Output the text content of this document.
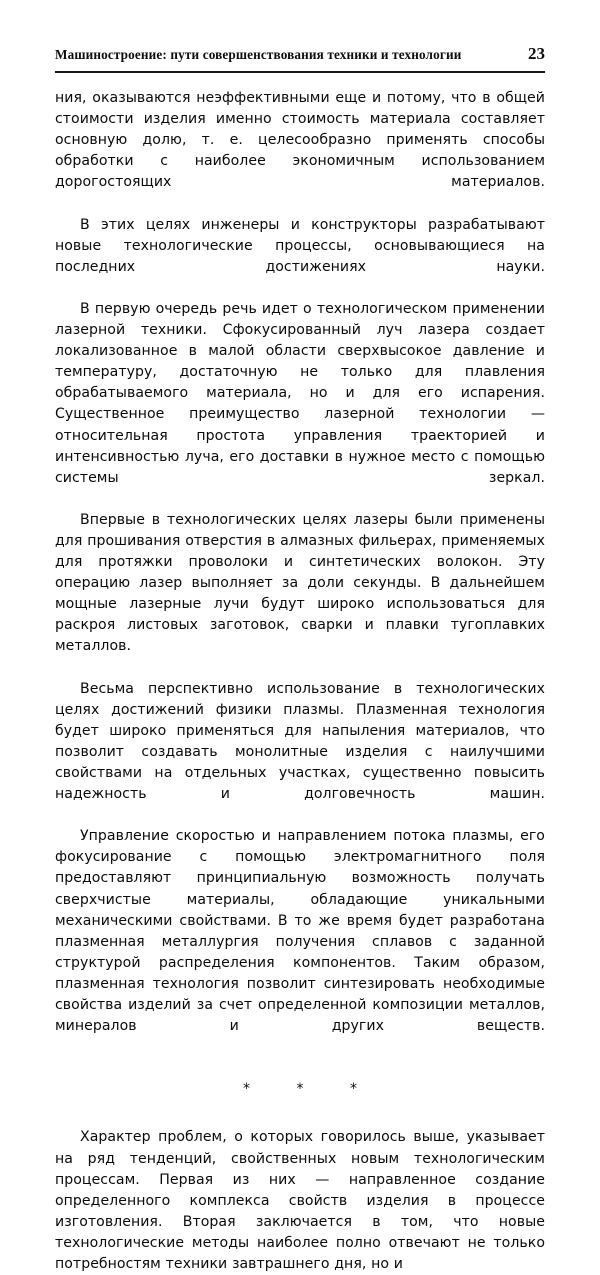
Машиностроение: пути совершенствования техники и технологии	23

ния, оказываются неэффективными еще и потому, что в общей стоимости изделия именно стоимость материала составляет основную долю, т. е. целесообразно применять способы обработки с наиболее экономичным использованием дорогостоящих материалов.

В этих целях инженеры и конструкторы разрабатывают новые технологические процессы, основывающиеся на последних достижениях науки.

В первую очередь речь идет о технологическом применении лазерной техники. Сфокусированный луч лазера создает локализованное в малой области сверхвысокое давление и температуру, достаточную не только для плавления обрабатываемого материала, но и для его испарения. Существенное преимущество лазерной технологии — относительная простота управления траекторией и интенсивностью луча, его доставки в нужное место с помощью системы зеркал.

Впервые в технологических целях лазеры были применены для прошивания отверстия в алмазных фильерах, применяемых для протяжки проволоки и синтетических волокон. Эту операцию лазер выполняет за доли секунды. В дальнейшем мощные лазерные лучи будут широко использоваться для раскроя листовых заготовок, сварки и плавки тугоплавких металлов.

Весьма перспективно использование в технологических целях достижений физики плазмы. Плазменная технология будет широко применяться для напыления материалов, что позволит создавать монолитные изделия с наилучшими свойствами на отдельных участках, существенно повысить надежность и долговечность машин.

Управление скоростью и направлением потока плазмы, его фокусирование с помощью электромагнитного поля предоставляют принципиальную возможность получать сверхчистые материалы, обладающие уникальными механическими свойствами. В то же время будет разработана плазменная металлургия получения сплавов с заданной структурой распределения компонентов. Таким образом, плазменная технология позволит синтезировать необходимые свойства изделий за счет определенной композиции металлов, минералов и других веществ.

* * *

Характер проблем, о которых говорилось выше, указывает на ряд тенденций, свойственных новым технологическим процессам. Первая из них — направленное создание определенного комплекса свойств изделия в процессе изготовления. Вторая заключается в том, что новые технологические методы наиболее полно отвечают не только потребностям техники завтрашнего дня, но и
